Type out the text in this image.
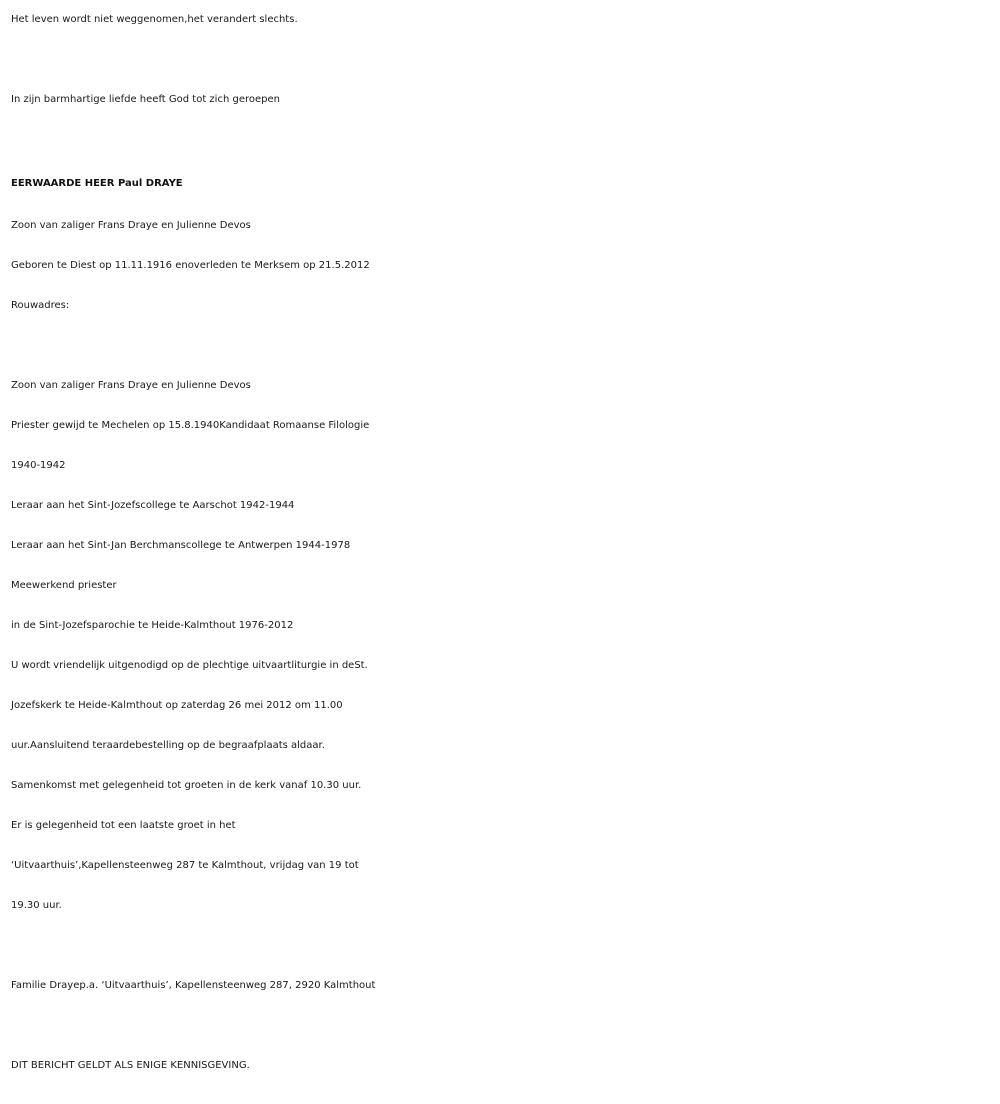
Het leven wordt niet weggenomen,het verandert slechts.
In zijn barmhartige liefde heeft God tot zich geroepen
EERWAARDE HEER Paul DRAYE
Zoon van zaliger Frans Draye en Julienne Devos
Geboren te Diest op 11.11.1916 enoverleden te Merksem op 21.5.2012
Rouwadres:
Zoon van zaliger Frans Draye en Julienne Devos
Priester gewijd te Mechelen op 15.8.1940Kandidaat Romaanse Filologie
1940-1942
Leraar aan het Sint-Jozefscollege te Aarschot 1942-1944
Leraar aan het Sint-Jan Berchmanscollege te Antwerpen 1944-1978
Meewerkend priester
in de Sint-Jozefsparochie te Heide-Kalmthout 1976-2012
U wordt vriendelijk uitgenodigd op de plechtige uitvaartliturgie in deSt.
Jozefskerk te Heide-Kalmthout op zaterdag 26 mei 2012 om 11.00
uur.Aansluitend teraardebestelling op de begraafplaats aldaar.
Samenkomst met gelegenheid tot groeten in de kerk vanaf 10.30 uur.
Er is gelegenheid tot een laatste groet in het
‘Uitvaarthuis’,Kapellensteenweg 287 te Kalmthout, vrijdag van 19 tot
19.30 uur.
Familie Drayep.a. ‘Uitvaarthuis’, Kapellensteenweg 287, 2920 Kalmthout
DIT BERICHT GELDT ALS ENIGE KENNISGEVING.
